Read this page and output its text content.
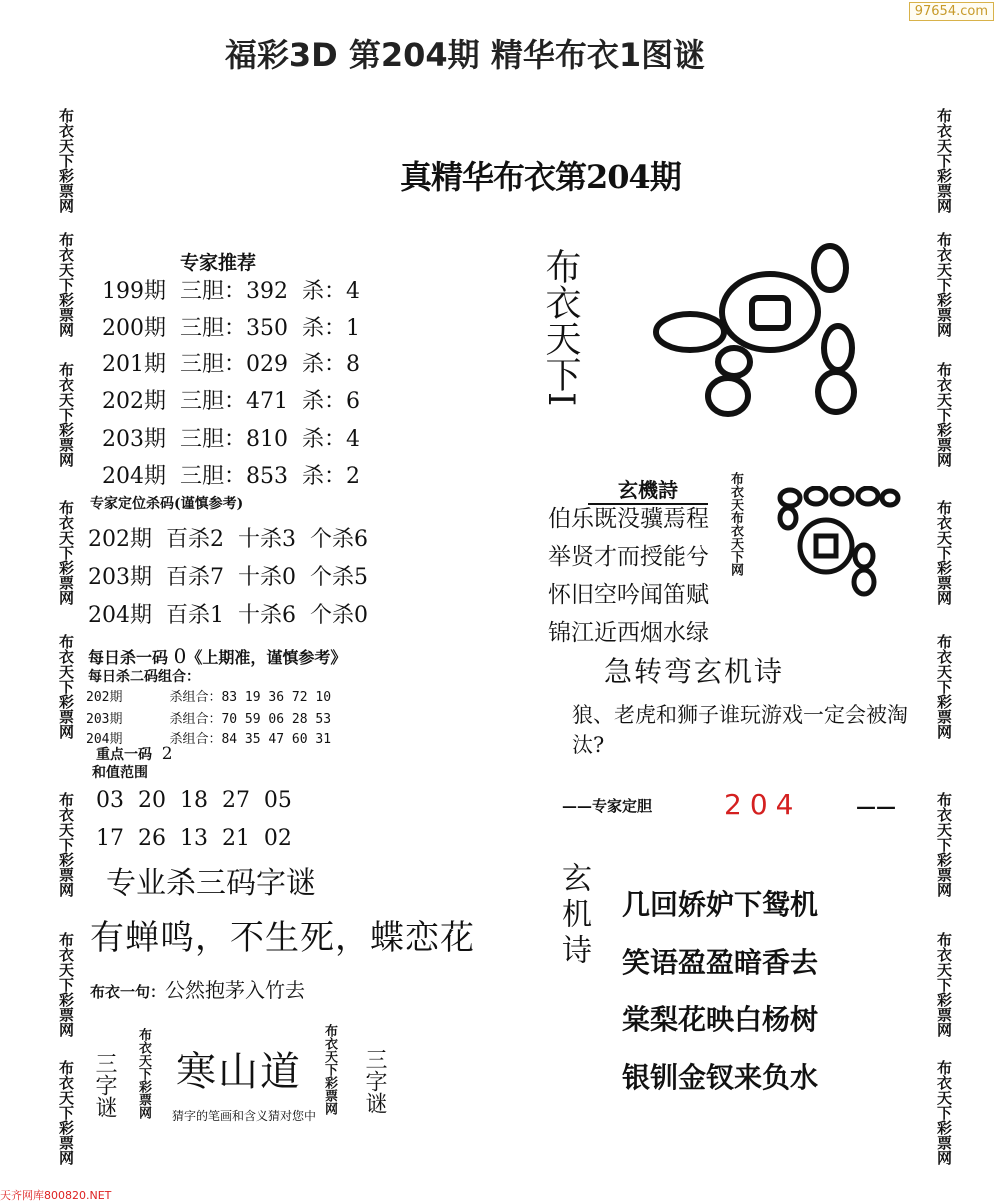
福彩3D 第204期 精华布衣1图谜
97654.com
布衣天下彩票网
布衣天下彩票网
布衣天下彩票网
布衣天下彩票网
布衣天下彩票网
布衣天下彩票网
布衣天下彩票网
布衣天下彩票网
布衣天下彩票网
布衣天下彩票网
布衣天下彩票网
布衣天下彩票网
布衣天下彩票网
布衣天下彩票网
布衣天下彩票网
布衣天下彩票网
真精华布衣第204期
专家推荐
199期 三胆：392 杀：4
200期 三胆：350 杀：1
201期 三胆：029 杀：8
202期 三胆：471 杀：6
203期 三胆：810 杀：4
204期 三胆：853 杀：2
专家定位杀码(谨慎参考)
202期 百杀2 十杀3 个杀6
203期 百杀7 十杀0 个杀5
204期 百杀1 十杀6 个杀0
每日杀一码 0《上期准，谨慎参考》
每日杀二码组合：
202期	杀组合：83 19 36 72 10
203期	杀组合：70 59 06 28 53
204期	杀组合：84 35 47 60 31
重点一码 2
和值范围
03  20  18  27  05
17  26  13  21  02
专业杀三码字谜
有蝉鸣，不生死，蝶恋花
布衣一句：公然抱茅入竹去
三字谜 布衣天下彩票网 寒山道
猜字的笔画和含义猜对您中
布衣天下彩票网 三字谜
布衣天下I
玄機詩
伯乐既没骥焉程
举贤才而授能兮
怀旧空吟闻笛赋
锦江近西烟水绿
布衣天布衣天下网
急转弯玄机诗
狼、老虎和狮子谁玩游戏一定会被淘汰?
——专家定胆	204	——
玄机诗 几回娇妒下鸳机
笑语盈盈暗香去
棠梨花映白杨树
银钏金钗来负水
天齐网库800820.NET
